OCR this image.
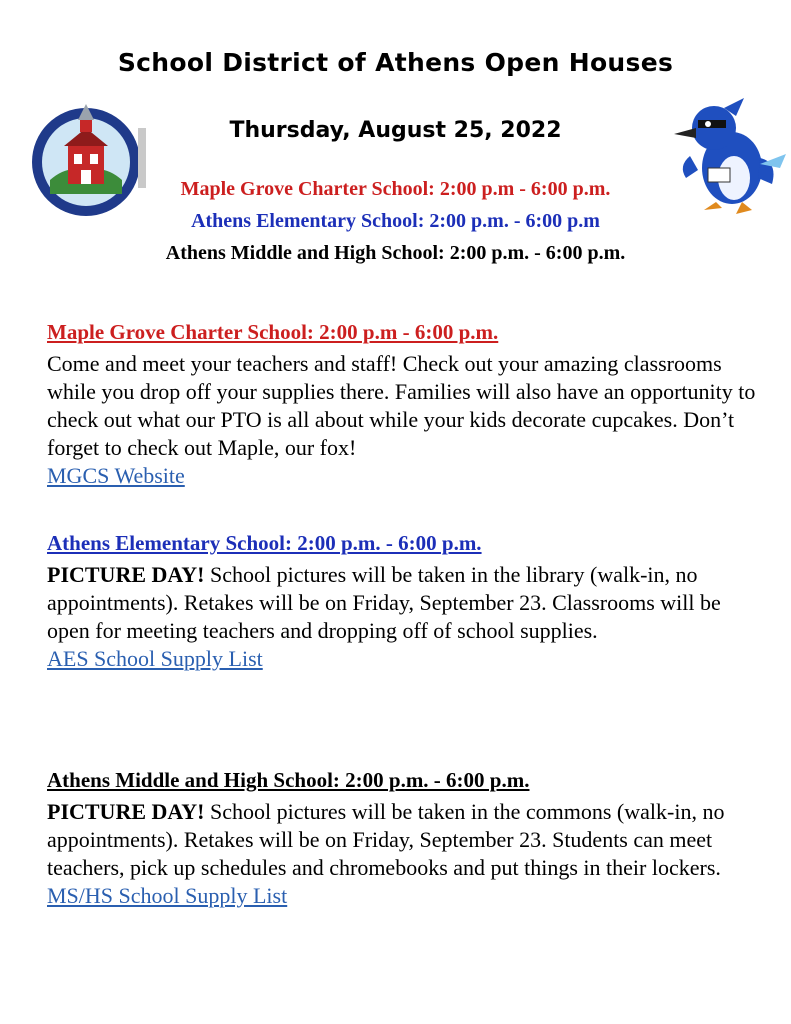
School District of Athens Open Houses
Thursday, August 25, 2022
Maple Grove Charter School: 2:00 p.m - 6:00 p.m.
Athens Elementary School: 2:00 p.m. - 6:00 p.m
Athens Middle and High School: 2:00 p.m. - 6:00 p.m.
Maple Grove Charter School: 2:00 p.m - 6:00 p.m.

Come and meet your teachers and staff! Check out your amazing classrooms while you drop off your supplies there. Families will also have an opportunity to check out what our PTO is all about while your kids decorate cupcakes. Don’t forget to check out Maple, our fox!

MGCS Website
Athens Elementary School: 2:00 p.m. - 6:00 p.m.

PICTURE DAY! School pictures will be taken in the library (walk-in, no appointments). Retakes will be on Friday, September 23. Classrooms will be open for meeting teachers and dropping off of school supplies.

AES School Supply List
Athens Middle and High School: 2:00 p.m. - 6:00 p.m.

PICTURE DAY! School pictures will be taken in the commons (walk-in, no appointments). Retakes will be on Friday, September 23. Students can meet teachers, pick up schedules and chromebooks and put things in their lockers.

MS/HS School Supply List
